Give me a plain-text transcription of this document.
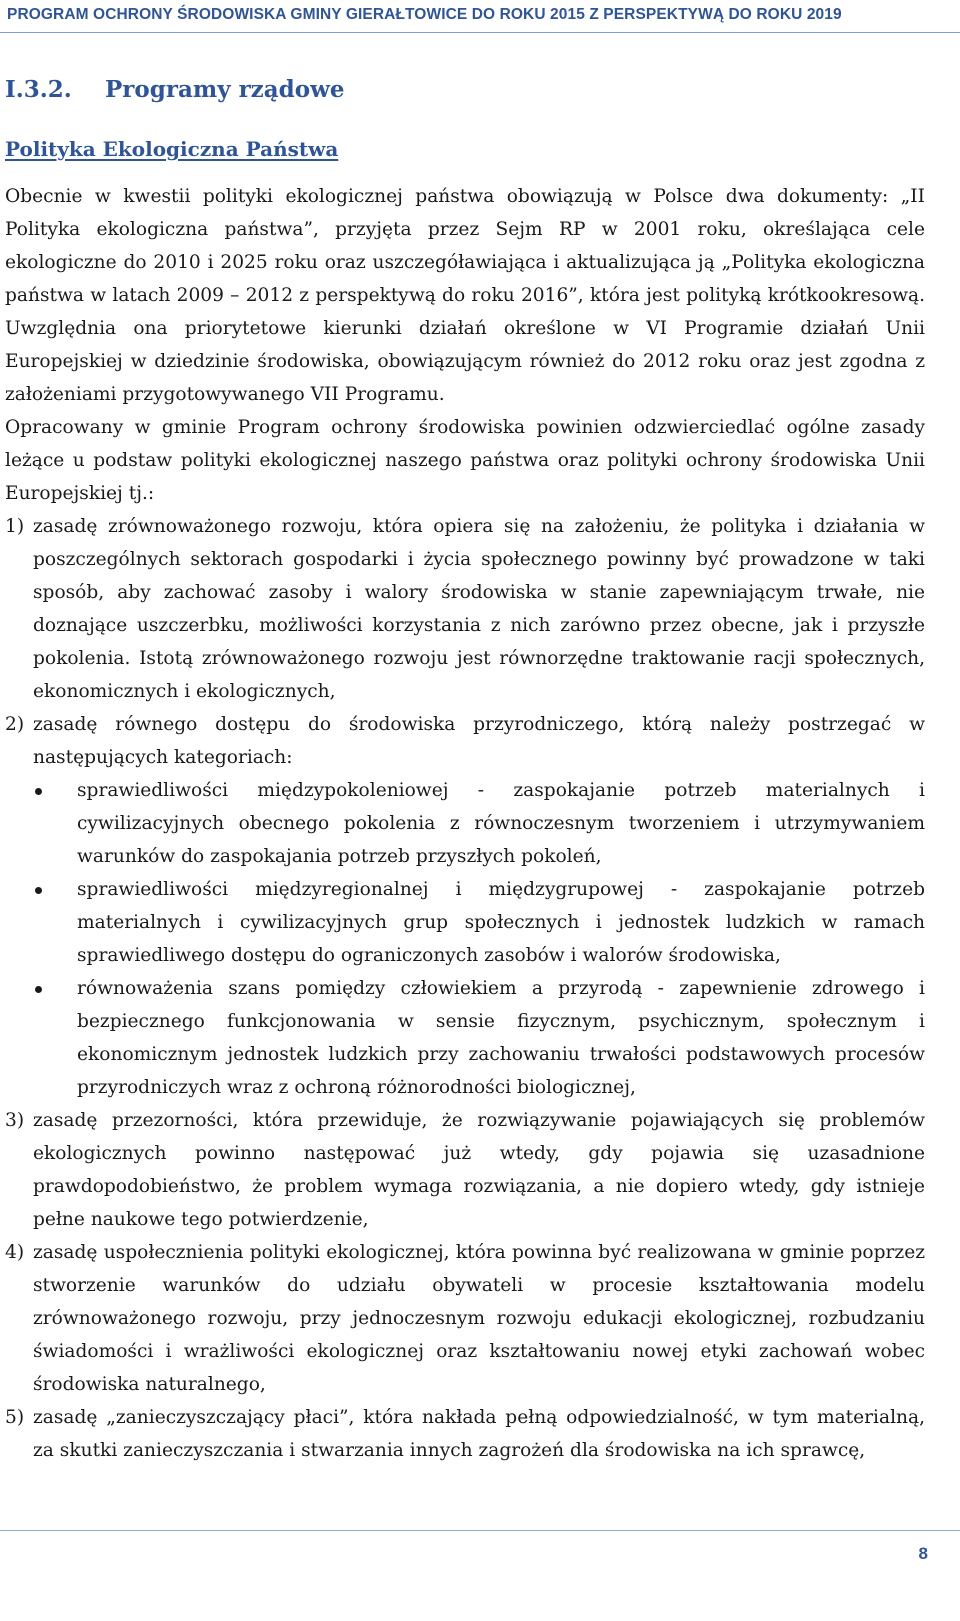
PROGRAM OCHRONY ŚRODOWISKA GMINY GIERAŁTOWICE DO ROKU 2015 Z PERSPEKTYWĄ DO ROKU 2019
I.3.2. Programy rządowe
Polityka Ekologiczna Państwa

Obecnie w kwestii polityki ekologicznej państwa obowiązują w Polsce dwa dokumenty: „II Polityka ekologiczna państwa”, przyjęta przez Sejm RP w 2001 roku, określająca cele ekologiczne do 2010 i 2025 roku oraz uszczegóławiająca i aktualizująca ją „Polityka ekologiczna państwa w latach 2009 – 2012 z perspektywą do roku 2016”, która jest polityką krótkookresową. Uwzględnia ona priorytetowe kierunki działań określone w VI Programie działań Unii Europejskiej w dziedzinie środowiska, obowiązującym również do 2012 roku oraz jest zgodna z założeniami przygotowywanego VII Programu.

Opracowany w gminie Program ochrony środowiska powinien odzwierciedlać ogólne zasady leżące u podstaw polityki ekologicznej naszego państwa oraz polityki ochrony środowiska Unii Europejskiej tj.:

1) zasadę zrównoważonego rozwoju, która opiera się na założeniu, że polityka i działania w poszczególnych sektorach gospodarki i życia społecznego powinny być prowadzone w taki sposób, aby zachować zasoby i walory środowiska w stanie zapewniającym trwałe, nie doznające uszczerbku, możliwości korzystania z nich zarówno przez obecne, jak i przyszłe pokolenia. Istotą zrównoważonego rozwoju jest równorzędne traktowanie racji społecznych, ekonomicznych i ekologicznych,
2) zasadę równego dostępu do środowiska przyrodniczego, którą należy postrzegać w następujących kategoriach:
sprawiedliwości międzypokoleniowej - zaspokajanie potrzeb materialnych i cywilizacyjnych obecnego pokolenia z równoczesnym tworzeniem i utrzymywaniem warunków do zaspokajania potrzeb przyszłych pokoleń,
sprawiedliwości międzyregionalnej i międzygrupowej - zaspokajanie potrzeb materialnych i cywilizacyjnych grup społecznych i jednostek ludzkich w ramach sprawiedliwego dostępu do ograniczonych zasobów i walorów środowiska,
równoważenia szans pomiędzy człowiekiem a przyrodą - zapewnienie zdrowego i bezpiecznego funkcjonowania w sensie fizycznym, psychicznym, społecznym i ekonomicznym jednostek ludzkich przy zachowaniu trwałości podstawowych procesów przyrodniczych wraz z ochroną różnorodności biologicznej,
3) zasadę przezorności, która przewiduje, że rozwiązywanie pojawiających się problemów ekologicznych powinno następować już wtedy, gdy pojawia się uzasadnione prawdopodobieństwo, że problem wymaga rozwiązania, a nie dopiero wtedy, gdy istnieje pełne naukowe tego potwierdzenie,
4) zasadę uspołecznienia polityki ekologicznej, która powinna być realizowana w gminie poprzez stworzenie warunków do udziału obywateli w procesie kształtowania modelu zrównoważonego rozwoju, przy jednoczesnym rozwoju edukacji ekologicznej, rozbudzaniu świadomości i wrażliwości ekologicznej oraz kształtowaniu nowej etyki zachowań wobec środowiska naturalnego,
5) zasadę „zanieczyszczający płaci”, która nakłada pełną odpowiedzialność, w tym materialną, za skutki zanieczyszczania i stwarzania innych zagrożeń dla środowiska na ich sprawcę,
8
